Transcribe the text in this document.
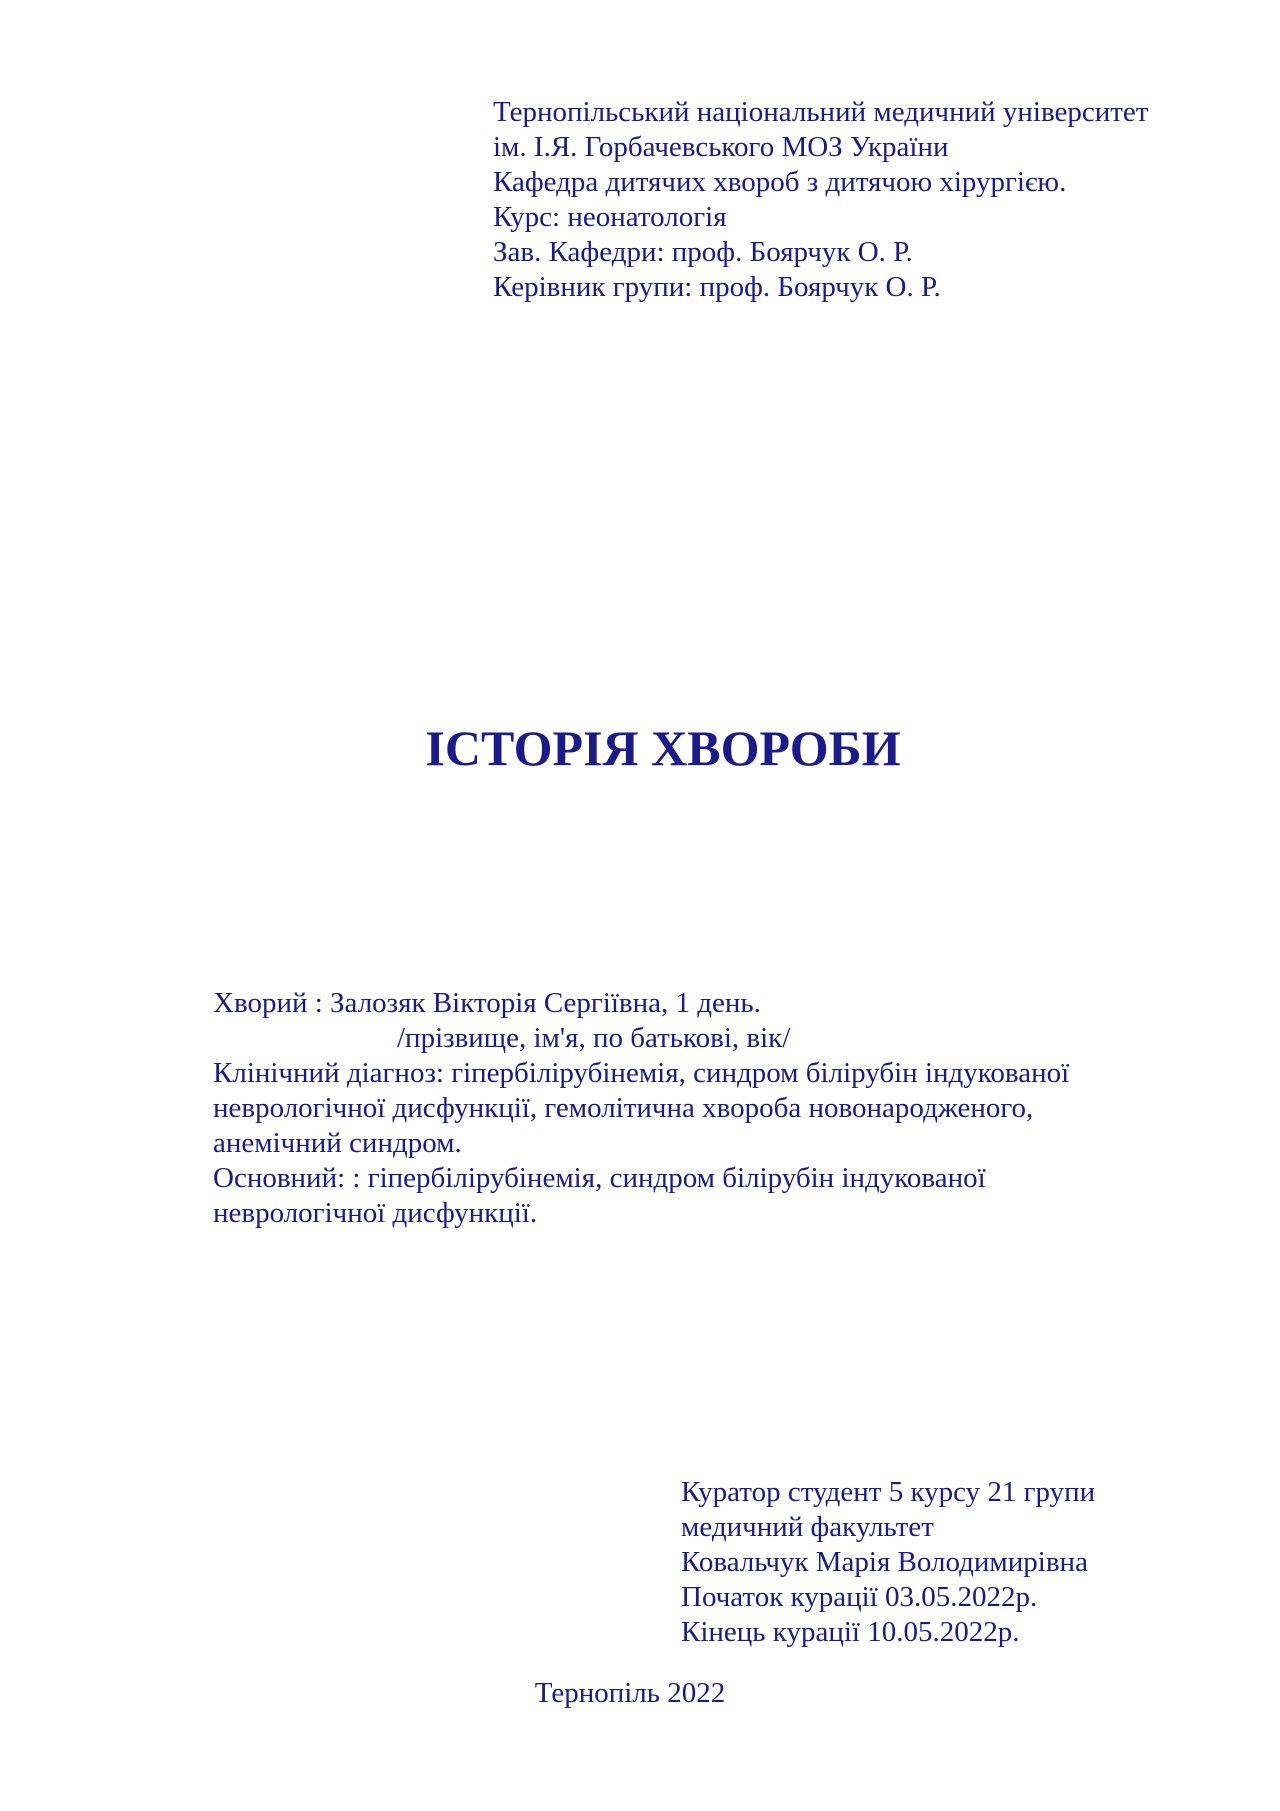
Тернопільський національний медичний університет
ім. І.Я. Горбачевського МОЗ України
Кафедра дитячих хвороб з дитячою хірургією.
Курс: неонатологія
Зав. Кафедри: проф. Боярчук О. Р.
Керівник групи: проф. Боярчук О. Р.
ІСТОРІЯ ХВОРОБИ
Хворий : Залозяк Вікторія Сергіївна, 1 день.
/прізвище, ім'я, по батькові, вік/
Клінічний діагноз: гіпербілірубінемія, синдром білірубін індукованої
неврологічної дисфункції, гемолітична хвороба новонародженого,
анемічний синдром.
Основний: : гіпербілірубінемія, синдром білірубін індукованої
неврологічної дисфункції.
Куратор студент 5 курсу 21 групи
медичний факультет
Ковальчук Марія Володимирівна
Початок курації 03.05.2022р.
Кінець курації 10.05.2022р.
Тернопіль 2022
